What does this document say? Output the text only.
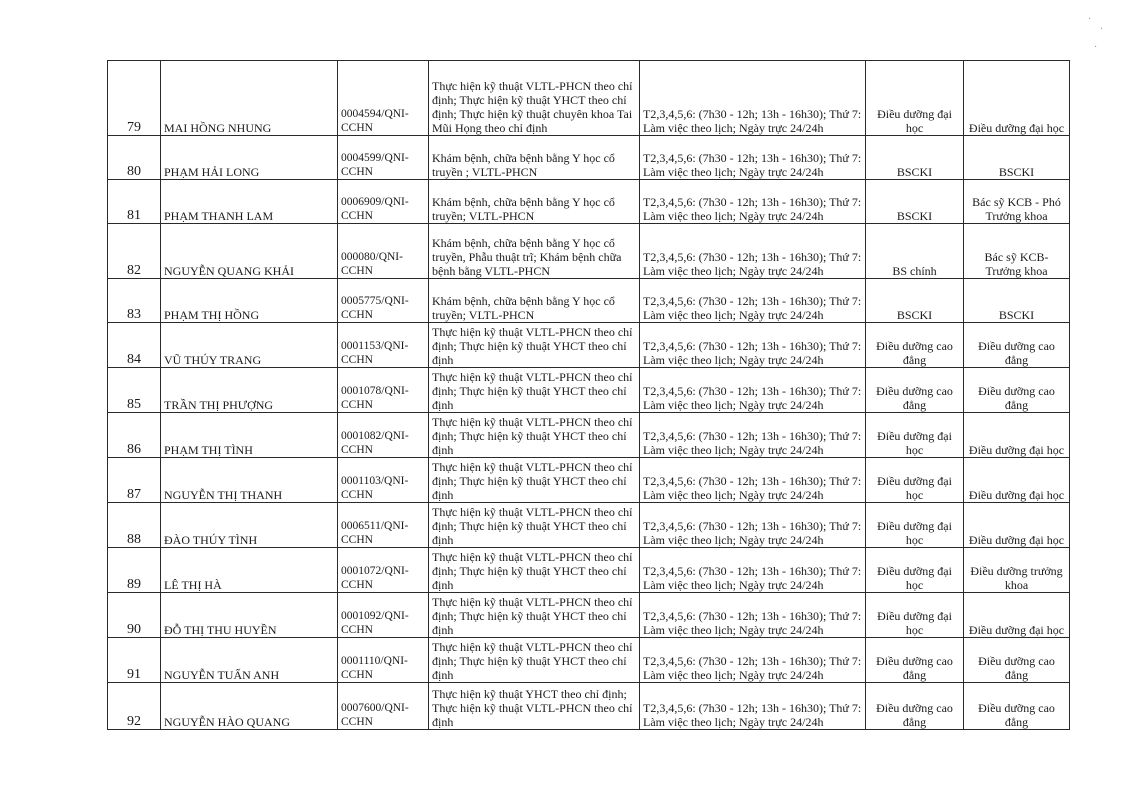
·
·
·
79	MAI HỒNG NHUNG	0004594/QNI-CCHN	Thực hiện kỹ thuật VLTL-PHCN theo chỉ định; Thực hiện kỹ thuật YHCT theo chỉ định; Thực hiện kỹ thuật chuyên khoa Tai Mũi Họng theo chỉ định	T2,3,4,5,6: (7h30 - 12h; 13h - 16h30); Thứ 7: Làm việc theo lịch; Ngày trực 24/24h	Điều dưỡng đại học	Điều dưỡng đại học
80	PHẠM HẢI LONG	0004599/QNI-CCHN	Khám bệnh, chữa bệnh bằng Y học cổ truyền ; VLTL-PHCN	T2,3,4,5,6: (7h30 - 12h; 13h - 16h30); Thứ 7: Làm việc theo lịch; Ngày trực 24/24h	BSCKI	BSCKI
81	PHẠM THANH LAM	0006909/QNI-CCHN	Khám bệnh, chữa bệnh bằng Y học cổ truyền; VLTL-PHCN	T2,3,4,5,6: (7h30 - 12h; 13h - 16h30); Thứ 7: Làm việc theo lịch; Ngày trực 24/24h	BSCKI	Bác sỹ KCB - Phó Trưởng khoa
82	NGUYỄN QUANG KHẢI	000080/QNI-CCHN	Khám bệnh, chữa bệnh bằng Y học cổ truyền, Phẫu thuật trĩ; Khám bệnh chữa bệnh bằng VLTL-PHCN	T2,3,4,5,6: (7h30 - 12h; 13h - 16h30); Thứ 7: Làm việc theo lịch; Ngày trực 24/24h	BS chính	Bác sỹ KCB-Trưởng khoa
83	PHẠM THỊ HỒNG	0005775/QNI-CCHN	Khám bệnh, chữa bệnh bằng Y học cổ truyền; VLTL-PHCN	T2,3,4,5,6: (7h30 - 12h; 13h - 16h30); Thứ 7: Làm việc theo lịch; Ngày trực 24/24h	BSCKI	BSCKI
84	VŨ THÚY TRANG	0001153/QNI-CCHN	Thực hiện kỹ thuật VLTL-PHCN theo chỉ định; Thực hiện kỹ thuật YHCT theo chỉ định	T2,3,4,5,6: (7h30 - 12h; 13h - 16h30); Thứ 7: Làm việc theo lịch; Ngày trực 24/24h	Điều dưỡng cao đẳng	Điều dưỡng cao đẳng
85	TRẦN THỊ PHƯỢNG	0001078/QNI-CCHN	Thực hiện kỹ thuật VLTL-PHCN theo chỉ định; Thực hiện kỹ thuật YHCT theo chỉ định	T2,3,4,5,6: (7h30 - 12h; 13h - 16h30); Thứ 7: Làm việc theo lịch; Ngày trực 24/24h	Điều dưỡng cao đẳng	Điều dưỡng cao đẳng
86	PHẠM THỊ TÌNH	0001082/QNI-CCHN	Thực hiện kỹ thuật VLTL-PHCN theo chỉ định; Thực hiện kỹ thuật YHCT theo chỉ định	T2,3,4,5,6: (7h30 - 12h; 13h - 16h30); Thứ 7: Làm việc theo lịch; Ngày trực 24/24h	Điều dưỡng đại học	Điều dưỡng đại học
87	NGUYỄN THỊ THANH	0001103/QNI-CCHN	Thực hiện kỹ thuật VLTL-PHCN theo chỉ định; Thực hiện kỹ thuật YHCT theo chỉ định	T2,3,4,5,6: (7h30 - 12h; 13h - 16h30); Thứ 7: Làm việc theo lịch; Ngày trực 24/24h	Điều dưỡng đại học	Điều dưỡng đại học
88	ĐÀO THÚY TÌNH	0006511/QNI-CCHN	Thực hiện kỹ thuật VLTL-PHCN theo chỉ định; Thực hiện kỹ thuật YHCT theo chỉ định	T2,3,4,5,6: (7h30 - 12h; 13h - 16h30); Thứ 7: Làm việc theo lịch; Ngày trực 24/24h	Điều dưỡng đại học	Điều dưỡng đại học
89	LÊ THỊ HÀ	0001072/QNI-CCHN	Thực hiện kỹ thuật VLTL-PHCN theo chỉ định; Thực hiện kỹ thuật YHCT theo chỉ định	T2,3,4,5,6: (7h30 - 12h; 13h - 16h30); Thứ 7: Làm việc theo lịch; Ngày trực 24/24h	Điều dưỡng đại học	Điều dưỡng trưởng khoa
90	ĐỖ THỊ THU HUYỀN	0001092/QNI-CCHN	Thực hiện kỹ thuật VLTL-PHCN theo chỉ định; Thực hiện kỹ thuật YHCT theo chỉ định	T2,3,4,5,6: (7h30 - 12h; 13h - 16h30); Thứ 7: Làm việc theo lịch; Ngày trực 24/24h	Điều dưỡng đại học	Điều dưỡng đại học
91	NGUYỄN TUẤN ANH	0001110/QNI-CCHN	Thực hiện kỹ thuật VLTL-PHCN theo chỉ định; Thực hiện kỹ thuật YHCT theo chỉ định	T2,3,4,5,6: (7h30 - 12h; 13h - 16h30); Thứ 7: Làm việc theo lịch; Ngày trực 24/24h	Điều dưỡng cao đẳng	Điều dưỡng cao đẳng
92	NGUYỄN HÀO QUANG	0007600/QNI-CCHN	Thực hiện kỹ thuật YHCT theo chỉ định; Thực hiện kỹ thuật VLTL-PHCN theo chỉ định	T2,3,4,5,6: (7h30 - 12h; 13h - 16h30); Thứ 7: Làm việc theo lịch; Ngày trực 24/24h	Điều dưỡng cao đẳng	Điều dưỡng cao đẳng
